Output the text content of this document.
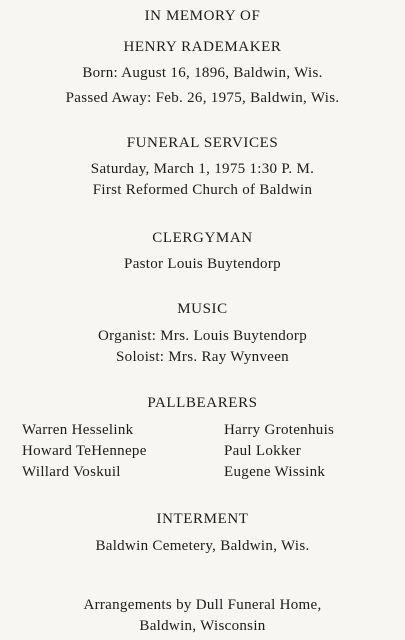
IN MEMORY OF
HENRY RADEMAKER
Born: August 16, 1896, Baldwin, Wis.
Passed Away: Feb. 26, 1975, Baldwin, Wis.
FUNERAL SERVICES
Saturday, March 1, 1975 1:30 P. M.
First Reformed Church of Baldwin
CLERGYMAN
Pastor Louis Buytendorp
MUSIC
Organist: Mrs. Louis Buytendorp
Soloist: Mrs. Ray Wynveen
PALLBEARERS
Warren Hesselink
Howard TeHennepe
Willard Voskuil
Harry Grotenhuis
Paul Lokker
Eugene Wissink
INTERMENT
Baldwin Cemetery, Baldwin, Wis.
Arrangements by Dull Funeral Home,
Baldwin, Wisconsin
